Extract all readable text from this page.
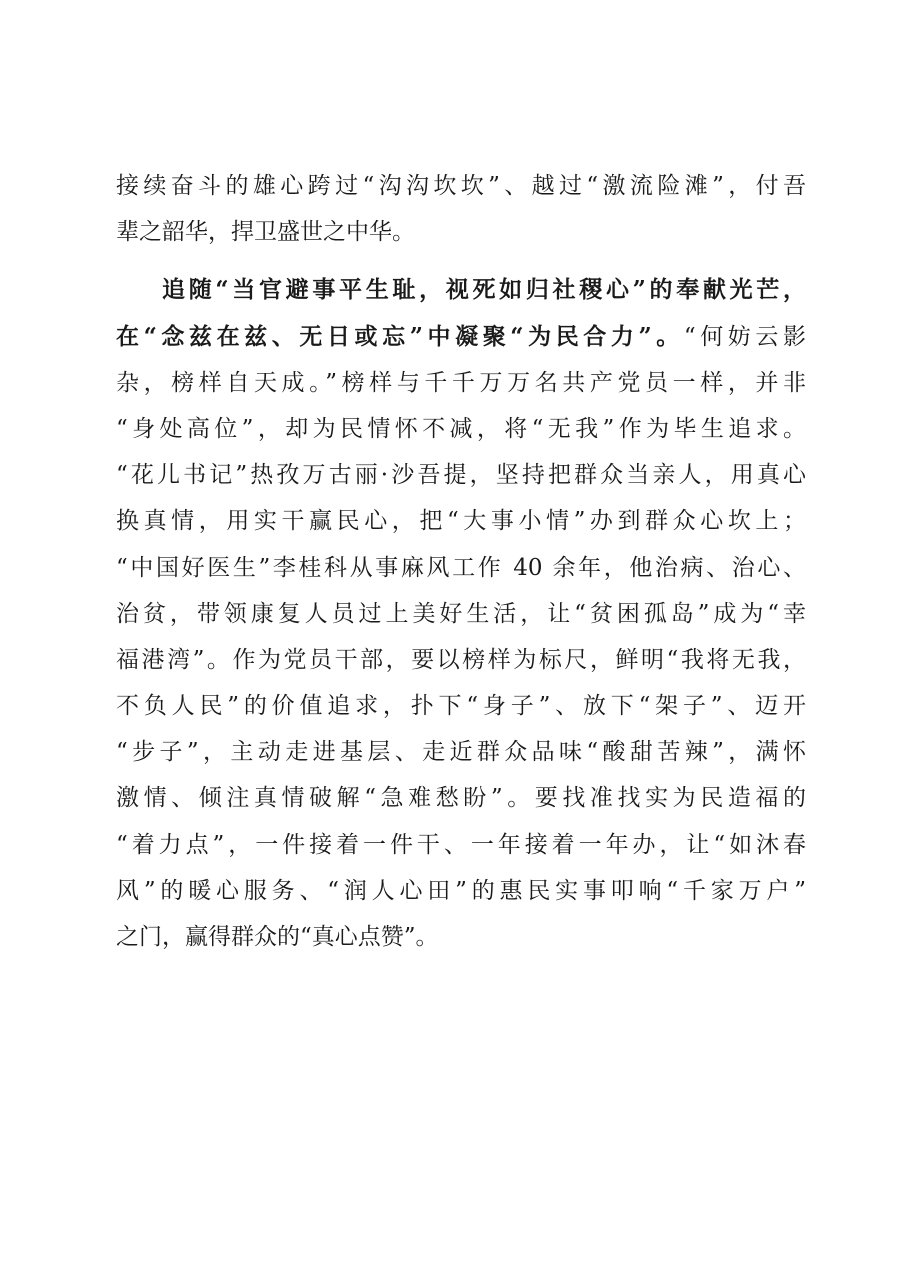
接续奋斗的雄心跨过“沟沟坎坎”、越过“激流险滩”，付吾
辈之韶华，捍卫盛世之中华。
追随“当官避事平生耻，视死如归社稷心”的奉献光芒，
在“念兹在兹、无日或忘”中凝聚“为民合力”。“何妨云影
杂，榜样自天成。”榜样与千千万万名共产党员一样，并非
“身处高位”，却为民情怀不减，将“无我”作为毕生追求。
“花儿书记”热孜万古丽·沙吾提，坚持把群众当亲人，用真心
换真情，用实干赢民心，把“大事小情”办到群众心坎上；
“中国好医生”李桂科从事麻风工作 40 余年，他治病、治心、
治贫，带领康复人员过上美好生活，让“贫困孤岛”成为“幸
福港湾”。作为党员干部，要以榜样为标尺，鲜明“我将无我，
不负人民”的价值追求，扑下“身子”、放下“架子”、迈开
“步子”，主动走进基层、走近群众品味“酸甜苦辣”，满怀
激情、倾注真情破解“急难愁盼”。要找准找实为民造福的
“着力点”，一件接着一件干、一年接着一年办，让“如沐春
风”的暖心服务、“润人心田”的惠民实事叩响“千家万户”
之门，赢得群众的“真心点赞”。
